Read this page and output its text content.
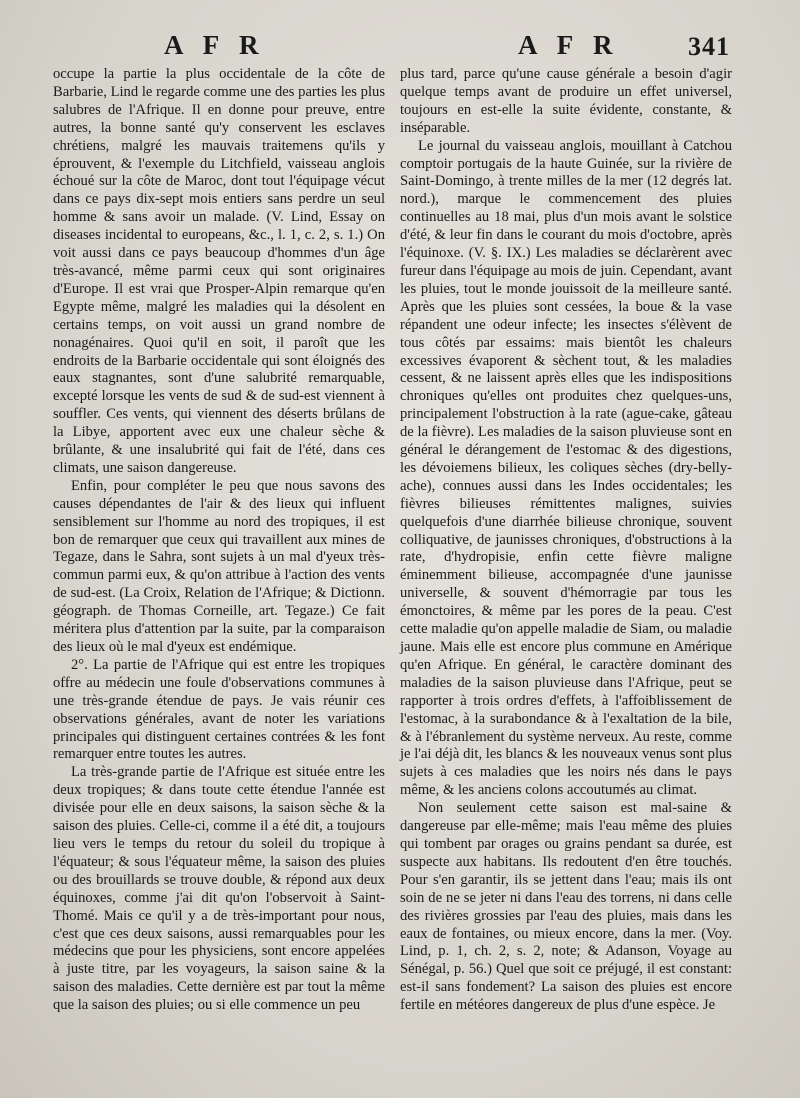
A F R	A F R	341

occupe la partie la plus occidentale de la côte de Barbarie, Lind le regarde comme une des parties les plus salubres de l'Afrique. Il en donne pour preuve, entre autres, la bonne santé qu'y conservent les esclaves chrétiens, malgré les mauvais traitemens qu'ils y éprouvent, & l'exemple du Litchfield, vaisseau anglois échoué sur la côte de Maroc, dont tout l'équipage vécut dans ce pays dix-sept mois entiers sans perdre un seul homme & sans avoir un malade. (V. Lind, Essay on diseases incidental to europeans, &c., l. 1, c. 2, s. 1.) On voit aussi dans ce pays beaucoup d'hommes d'un âge très-avancé, même parmi ceux qui sont originaires d'Europe. Il est vrai que Prosper-Alpin remarque qu'en Egypte même, malgré les maladies qui la désolent en certains temps, on voit aussi un grand nombre de nonagénaires. Quoi qu'il en soit, il paroît que les endroits de la Barbarie occidentale qui sont éloignés des eaux stagnantes, sont d'une salubrité remarquable, excepté lorsque les vents de sud & de sud-est viennent à souffler. Ces vents, qui viennent des déserts brûlans de la Libye, apportent avec eux une chaleur sèche & brûlante, & une insalubrité qui fait de l'été, dans ces climats, une saison dangereuse.

Enfin, pour compléter le peu que nous savons des causes dépendantes de l'air & des lieux qui influent sensiblement sur l'homme au nord des tropiques, il est bon de remarquer que ceux qui travaillent aux mines de Tegaze, dans le Sahra, sont sujets à un mal d'yeux très-commun parmi eux, & qu'on attribue à l'action des vents de sud-est. (La Croix, Relation de l'Afrique; & Dictionn. géograph. de Thomas Corneille, art. Tegaze.) Ce fait méritera plus d'attention par la suite, par la comparaison des lieux où le mal d'yeux est endémique.

2°. La partie de l'Afrique qui est entre les tropiques offre au médecin une foule d'observations communes à une très-grande étendue de pays. Je vais réunir ces observations générales, avant de noter les variations principales qui distinguent certaines contrées & les font remarquer entre toutes les autres.

La très-grande partie de l'Afrique est située entre les deux tropiques; & dans toute cette étendue l'année est divisée pour elle en deux saisons, la saison sèche & la saison des pluies. Celle-ci, comme il a été dit, a toujours lieu vers le temps du retour du soleil du tropique à l'équateur; & sous l'équateur même, la saison des pluies ou des brouillards se trouve double, & répond aux deux équinoxes, comme j'ai dit qu'on l'observoit à Saint-Thomé. Mais ce qu'il y a de très-important pour nous, c'est que ces deux saisons, aussi remarquables pour les médecins que pour les physiciens, sont encore appelées à juste titre, par les voyageurs, la saison saine & la saison des maladies. Cette dernière est par tout la même que la saison des pluies; ou si elle commence un peu

plus tard, parce qu'une cause générale a besoin d'agir quelque temps avant de produire un effet universel, toujours en est-elle la suite évidente, constante, & inséparable.

Le journal du vaisseau anglois, mouillant à Catchou comptoir portugais de la haute Guinée, sur la rivière de Saint-Domingo, à trente milles de la mer (12 degrés lat. nord.), marque le commencement des pluies continuelles au 18 mai, plus d'un mois avant le solstice d'été, & leur fin dans le courant du mois d'octobre, après l'équinoxe. (V. §. IX.) Les maladies se déclarèrent avec fureur dans l'équipage au mois de juin. Cependant, avant les pluies, tout le monde jouissoit de la meilleure santé. Après que les pluies sont cessées, la boue & la vase répandent une odeur infecte; les insectes s'élèvent de tous côtés par essaims: mais bientôt les chaleurs excessives évaporent & sèchent tout, & les maladies cessent, & ne laissent après elles que les indispositions chroniques qu'elles ont produites chez quelques-uns, principalement l'obstruction à la rate (ague-cake, gâteau de la fièvre). Les maladies de la saison pluvieuse sont en général le dérangement de l'estomac & des digestions, les dévoiemens bilieux, les coliques sèches (dry-belly-ache), connues aussi dans les Indes occidentales; les fièvres bilieuses rémittentes malignes, suivies quelquefois d'une diarrhée bilieuse chronique, souvent colliquative, de jaunisses chroniques, d'obstructions à la rate, d'hydropisie, enfin cette fièvre maligne éminemment bilieuse, accompagnée d'une jaunisse universelle, & souvent d'hémorragie par tous les émonctoires, & même par les pores de la peau. C'est cette maladie qu'on appelle maladie de Siam, ou maladie jaune. Mais elle est encore plus commune en Amérique qu'en Afrique. En général, le caractère dominant des maladies de la saison pluvieuse dans l'Afrique, peut se rapporter à trois ordres d'effets, à l'affoiblissement de l'estomac, à la surabondance & à l'exaltation de la bile, & à l'ébranlement du système nerveux. Au reste, comme je l'ai déjà dit, les blancs & les nouveaux venus sont plus sujets à ces maladies que les noirs nés dans le pays même, & les anciens colons accoutumés au climat.

Non seulement cette saison est mal-saine & dangereuse par elle-même; mais l'eau même des pluies qui tombent par orages ou grains pendant sa durée, est suspecte aux habitans. Ils redoutent d'en être touchés. Pour s'en garantir, ils se jettent dans l'eau; mais ils ont soin de ne se jeter ni dans l'eau des torrens, ni dans celle des rivières grossies par l'eau des pluies, mais dans les eaux de fontaines, ou mieux encore, dans la mer. (Voy. Lind, p. 1, ch. 2, s. 2, note; & Adanson, Voyage au Sénégal, p. 56.) Quel que soit ce préjugé, il est constant: est-il sans fondement? La saison des pluies est encore fertile en météores dangereux de plus d'une espèce. Je
